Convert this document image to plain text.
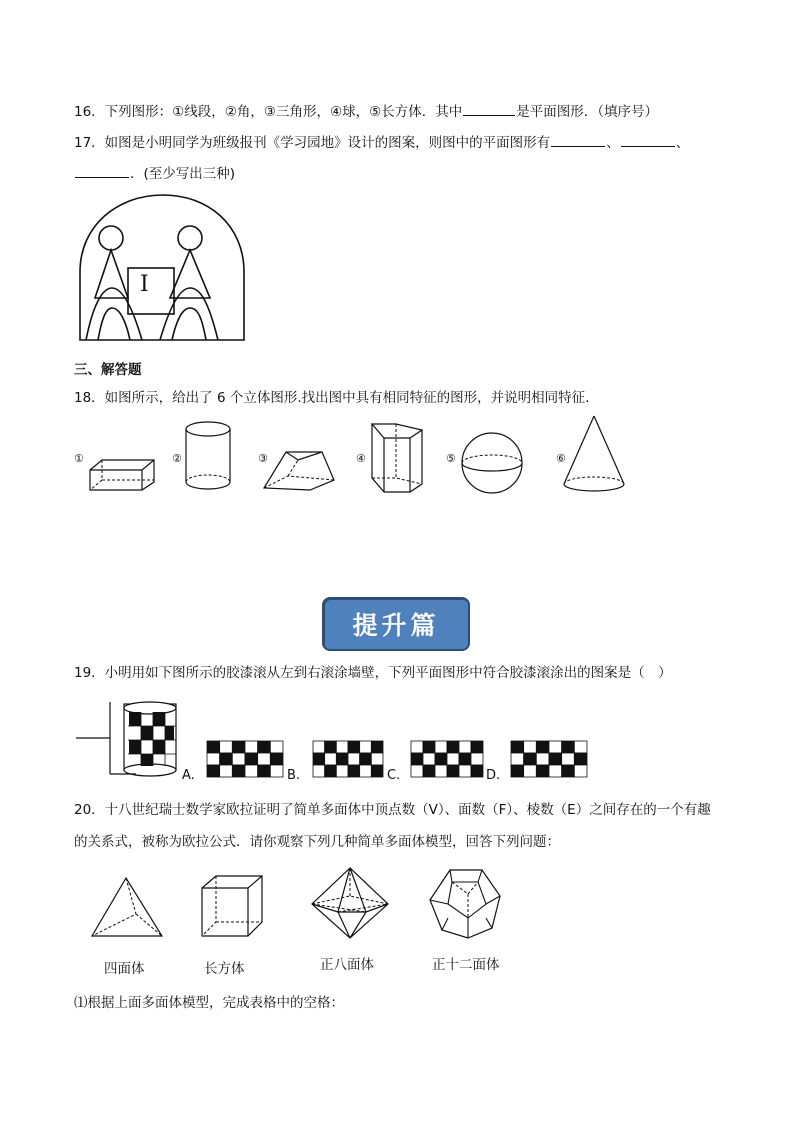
16．下列图形：①线段，②角，③三角形，④球，⑤长方体．其中	是平面图形．（填序号）
17．如图是小明同学为班级报刊《学习园地》设计的图案，则图中的平面图形有	、	、
．(至少写出三种)
I
三、解答题
18．如图所示，给出了 6 个立体图形.找出图中具有相同特征的图形，并说明相同特征.
①	②	③	④	⑤	⑥
提升篇
19．小明用如下图所示的胶漆滚从左到右滚涂墙壁，下列平面图形中符合胶漆滚涂出的图案是（　）
A.	B.	C.	D.
20．十八世纪瑞士数学家欧拉证明了简单多面体中顶点数（V）、面数（F）、棱数（E）之间存在的一个有趣
的关系式，被称为欧拉公式．请你观察下列几种简单多面体模型，回答下列问题：
四面体	长方体	正八面体	正十二面体
⑴根据上面多面体模型，完成表格中的空格：
